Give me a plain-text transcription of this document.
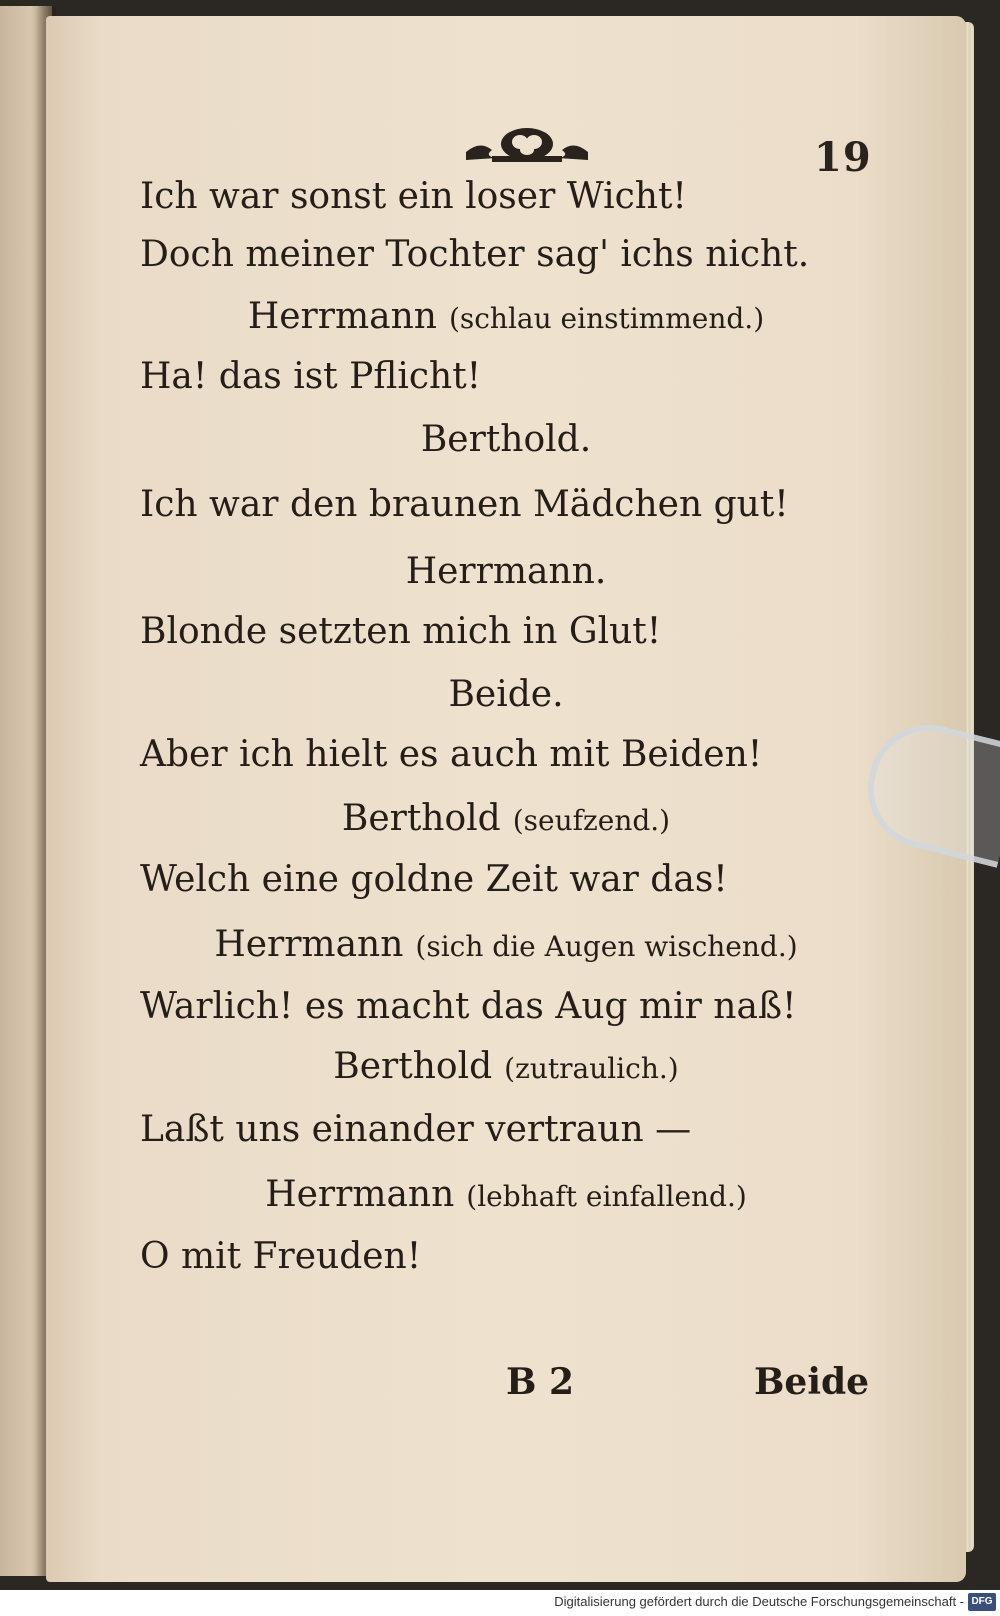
19
Ich war sonst ein loser Wicht!
Doch meiner Tochter sag' ichs nicht.
Herrmann (schlau einstimmend.)
Ha! das ist Pflicht!
Berthold.
Ich war den braunen Mädchen gut!
Herrmann.
Blonde setzten mich in Glut!
Beide.
Aber ich hielt es auch mit Beiden!
Berthold (seufzend.)
Welch eine goldne Zeit war das!
Herrmann (sich die Augen wischend.)
Warlich! es macht das Aug mir naß!
Berthold (zutraulich.)
Laßt uns einander vertraun —
Herrmann (lebhaft einfallend.)
O mit Freuden!
B 2	Beide
Digitalisierung gefördert durch die Deutsche Forschungsgemeinschaft - DFG
